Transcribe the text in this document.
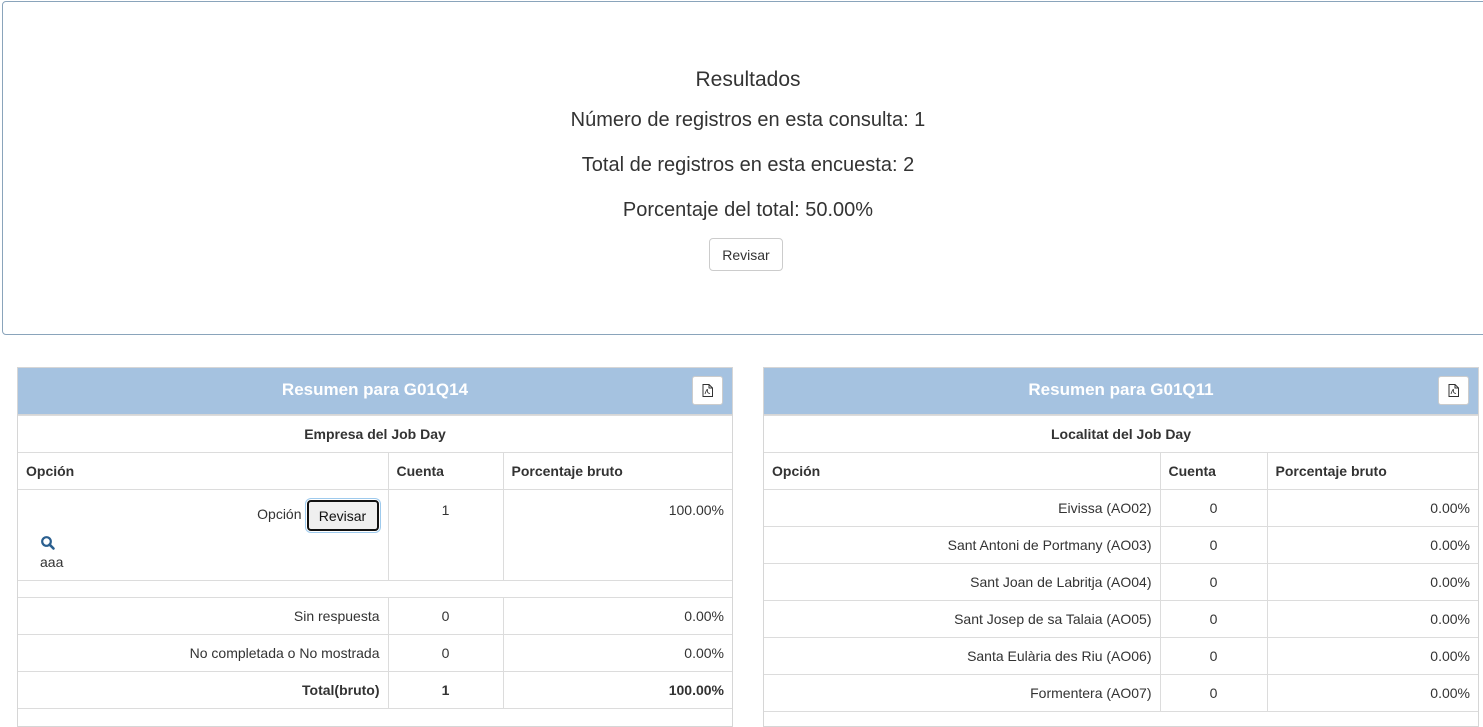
Resultados
Número de registros en esta consulta: 1
Total de registros en esta encuesta: 2
Porcentaje del total: 50.00%
Revisar
Resumen para G01Q14
Empresa del Job Day		
Opción	Cuenta	Porcentaje bruto

Opción Revisar
aaa	1	100.00%

Sin respuesta	0	0.00%
No completada o No mostrada	0	0.00%
Total(bruto)	1	100.00%
Resumen para G01Q11
Localitat del Job Day		
Opción	Cuenta	Porcentaje bruto
Eivissa (AO02)	0	0.00%
Sant Antoni de Portmany (AO03)	0	0.00%
Sant Joan de Labritja (AO04)	0	0.00%
Sant Josep de sa Talaia (AO05)	0	0.00%
Santa Eulària des Riu (AO06)	0	0.00%
Formentera (AO07)	0	0.00%
